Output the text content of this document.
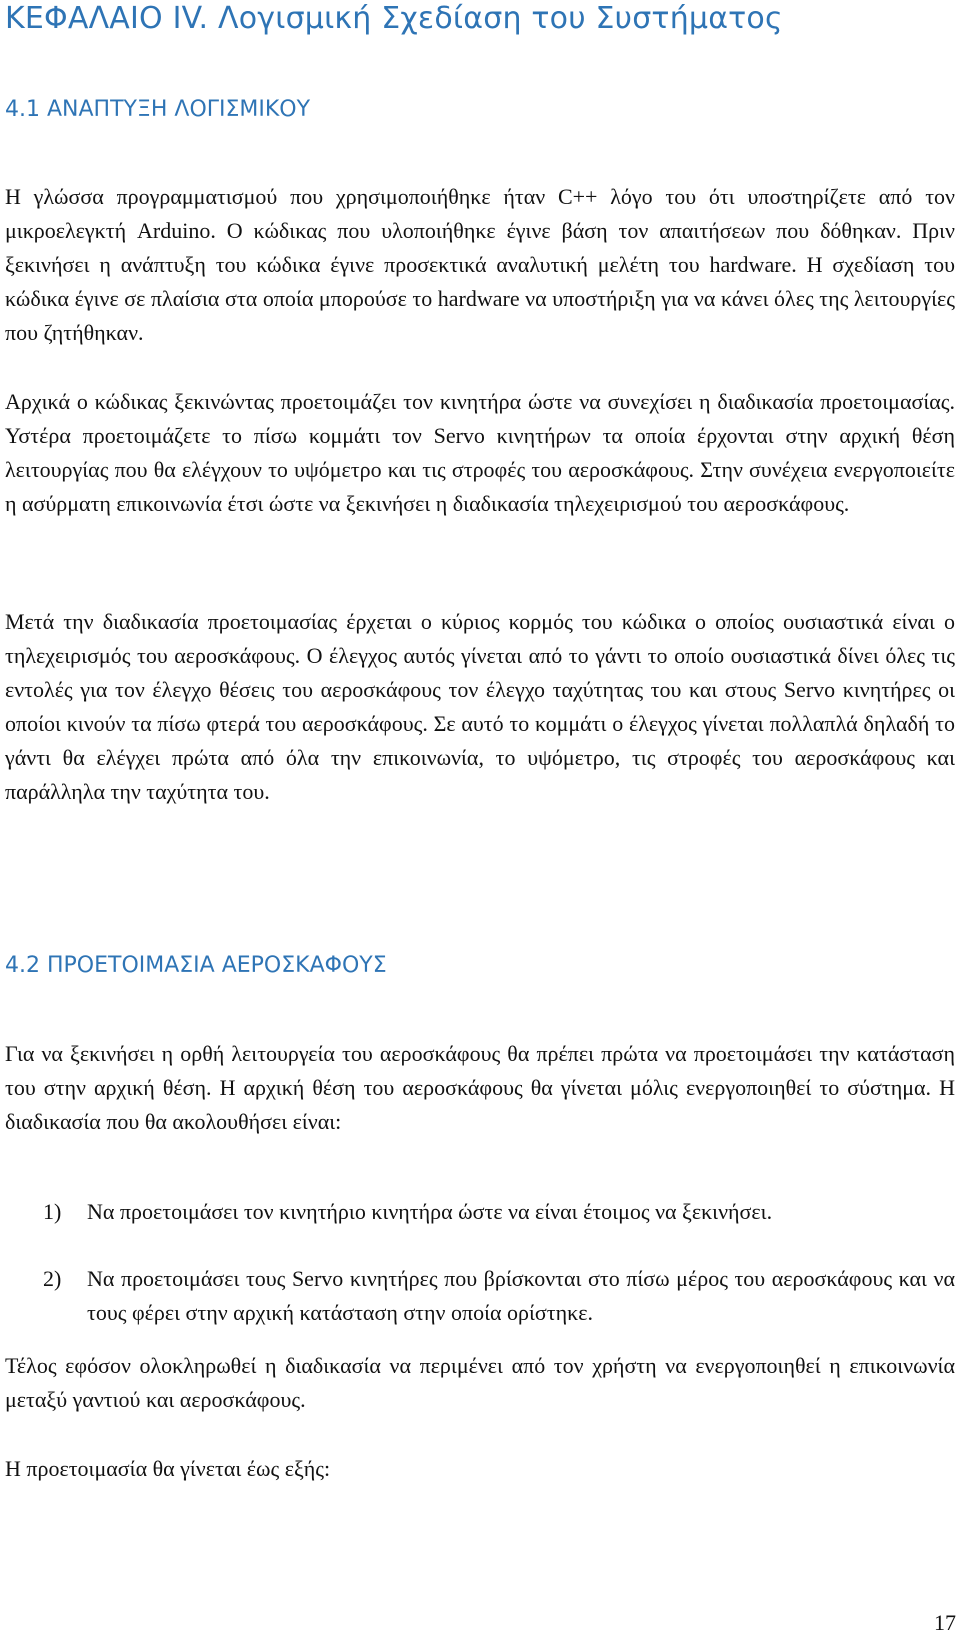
ΚΕΦΑΛΑΙΟ IV. Λογισμική Σχεδίαση του Συστήματος
4.1 ΑΝΑΠΤΥΞΗ ΛΟΓΙΣΜΙΚΟΥ

Η γλώσσα προγραμματισμού που χρησιμοποιήθηκε ήταν C++ λόγο του ότι υποστηρίζετε από τον μικροελεγκτή Arduino. Ο κώδικας που υλοποιήθηκε έγινε βάση τον απαιτήσεων που δόθηκαν. Πριν ξεκινήσει η ανάπτυξη του κώδικα έγινε προσεκτικά αναλυτική μελέτη του hardware. Η σχεδίαση του κώδικα έγινε σε πλαίσια στα οποία μπορούσε το hardware να υποστήριξη για να κάνει όλες της λειτουργίες που ζητήθηκαν.

Αρχικά ο κώδικας ξεκινώντας προετοιμάζει τον κινητήρα ώστε να συνεχίσει η διαδικασία προετοιμασίας. Υστέρα προετοιμάζετε το πίσω κομμάτι τον Servo κινητήρων τα οποία έρχονται στην αρχική θέση λειτουργίας που θα ελέγχουν το υψόμετρο και τις στροφές του αεροσκάφους. Στην συνέχεια ενεργοποιείτε η ασύρματη επικοινωνία έτσι ώστε να ξεκινήσει η διαδικασία τηλεχειρισμού του αεροσκάφους.

Μετά την διαδικασία προετοιμασίας έρχεται ο κύριος κορμός του κώδικα ο οποίος ουσιαστικά είναι ο τηλεχειρισμός του αεροσκάφους. Ο έλεγχος αυτός γίνεται από το γάντι το οποίο ουσιαστικά δίνει όλες τις εντολές για τον έλεγχο θέσεις του αεροσκάφους τον έλεγχο ταχύτητας του και στους Servo κινητήρες οι οποίοι κινούν τα πίσω φτερά του αεροσκάφους. Σε αυτό το κομμάτι ο έλεγχος γίνεται πολλαπλά δηλαδή το γάντι θα ελέγχει πρώτα από όλα την επικοινωνία, το υψόμετρο, τις στροφές του αεροσκάφους και παράλληλα την ταχύτητα του.

4.2 ΠΡΟΕΤΟΙΜΑΣΙΑ ΑΕΡΟΣΚΑΦΟΥΣ

Για να ξεκινήσει η ορθή λειτουργεία του αεροσκάφους θα πρέπει πρώτα να προετοιμάσει την κατάσταση του στην αρχική θέση. Η αρχική θέση του αεροσκάφους θα γίνεται μόλις ενεργοποιηθεί το σύστημα. Η διαδικασία που θα ακολουθήσει είναι:

1) Να προετοιμάσει τον κινητήριο κινητήρα ώστε να είναι έτοιμος να ξεκινήσει.
2) Να προετοιμάσει τους Servo κινητήρες που βρίσκονται στο πίσω μέρος του αεροσκάφους και να τους φέρει στην αρχική κατάσταση στην οποία ορίστηκε.

Τέλος εφόσον ολοκληρωθεί η διαδικασία να περιμένει από τον χρήστη να ενεργοποιηθεί η επικοινωνία μεταξύ γαντιού και αεροσκάφους.

Η προετοιμασία θα γίνεται έως εξής:

17
